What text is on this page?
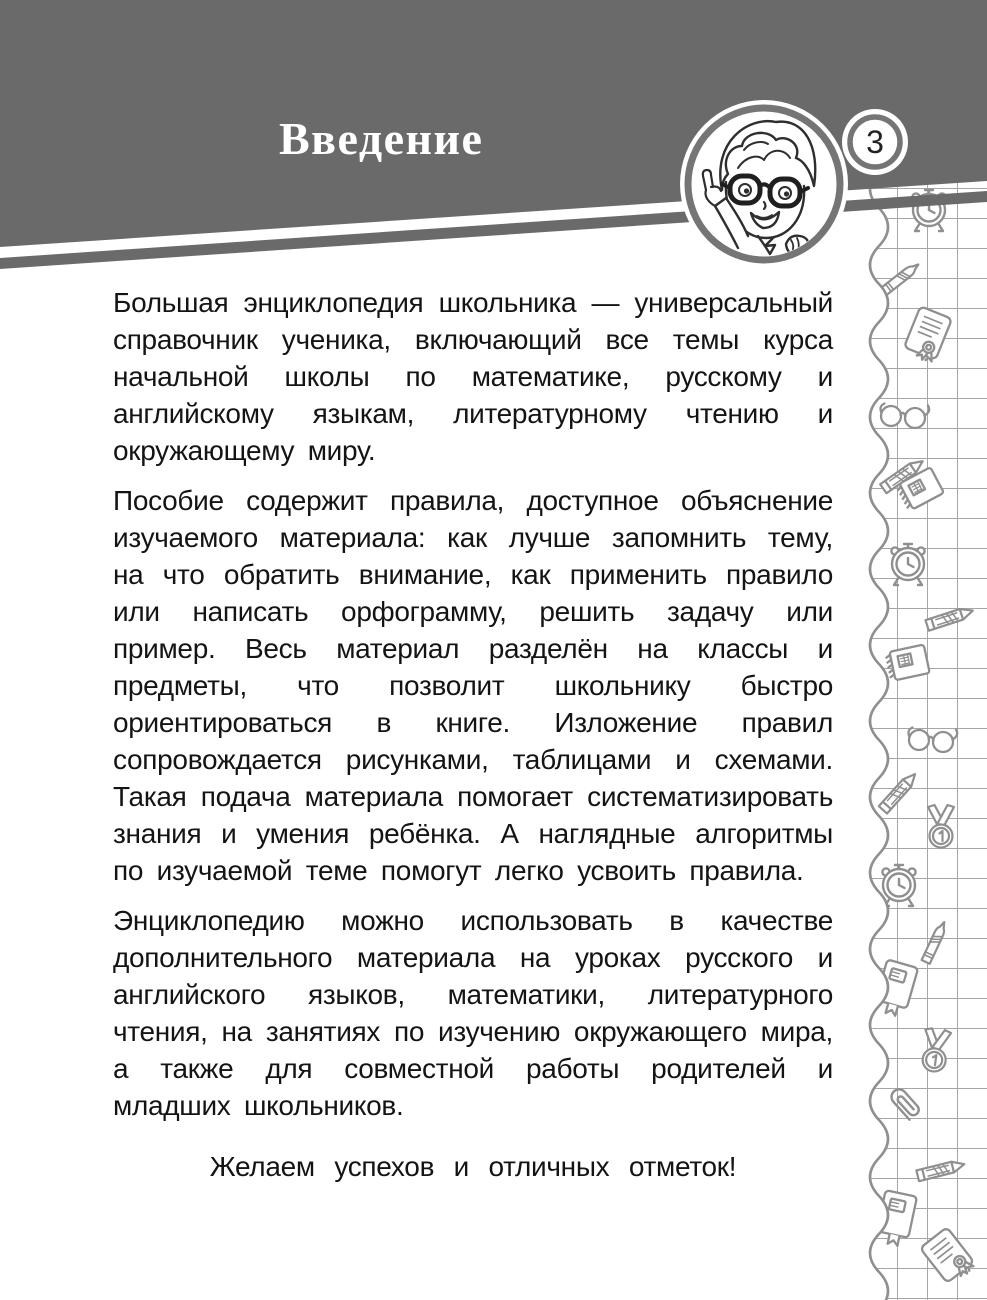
Введение	3

Большая энциклопедия школьника — универсальный справочник ученика, включающий все темы курса начальной школы по математике, русскому и английскому языкам, литературному чтению и окружающему миру.

Пособие содержит правила, доступное объяснение изучаемого материала: как лучше запомнить тему, на что обратить внимание, как применить правило или написать орфограмму, решить задачу или пример. Весь материал разделён на классы и предметы, что позволит школьнику быстро ориентироваться в книге. Изложение правил сопровождается рисунками, таблицами и схемами. Такая подача материала помогает систематизировать знания и умения ребёнка. А наглядные алгоритмы по изучаемой теме помогут легко усвоить правила.

Энциклопедию можно использовать в качестве дополнительного материала на уроках русского и английского языков, математики, литературного чтения, на занятиях по изучению окружающего мира, а также для совместной работы родителей и младших школьников.

Желаем успехов и отличных отметок!
